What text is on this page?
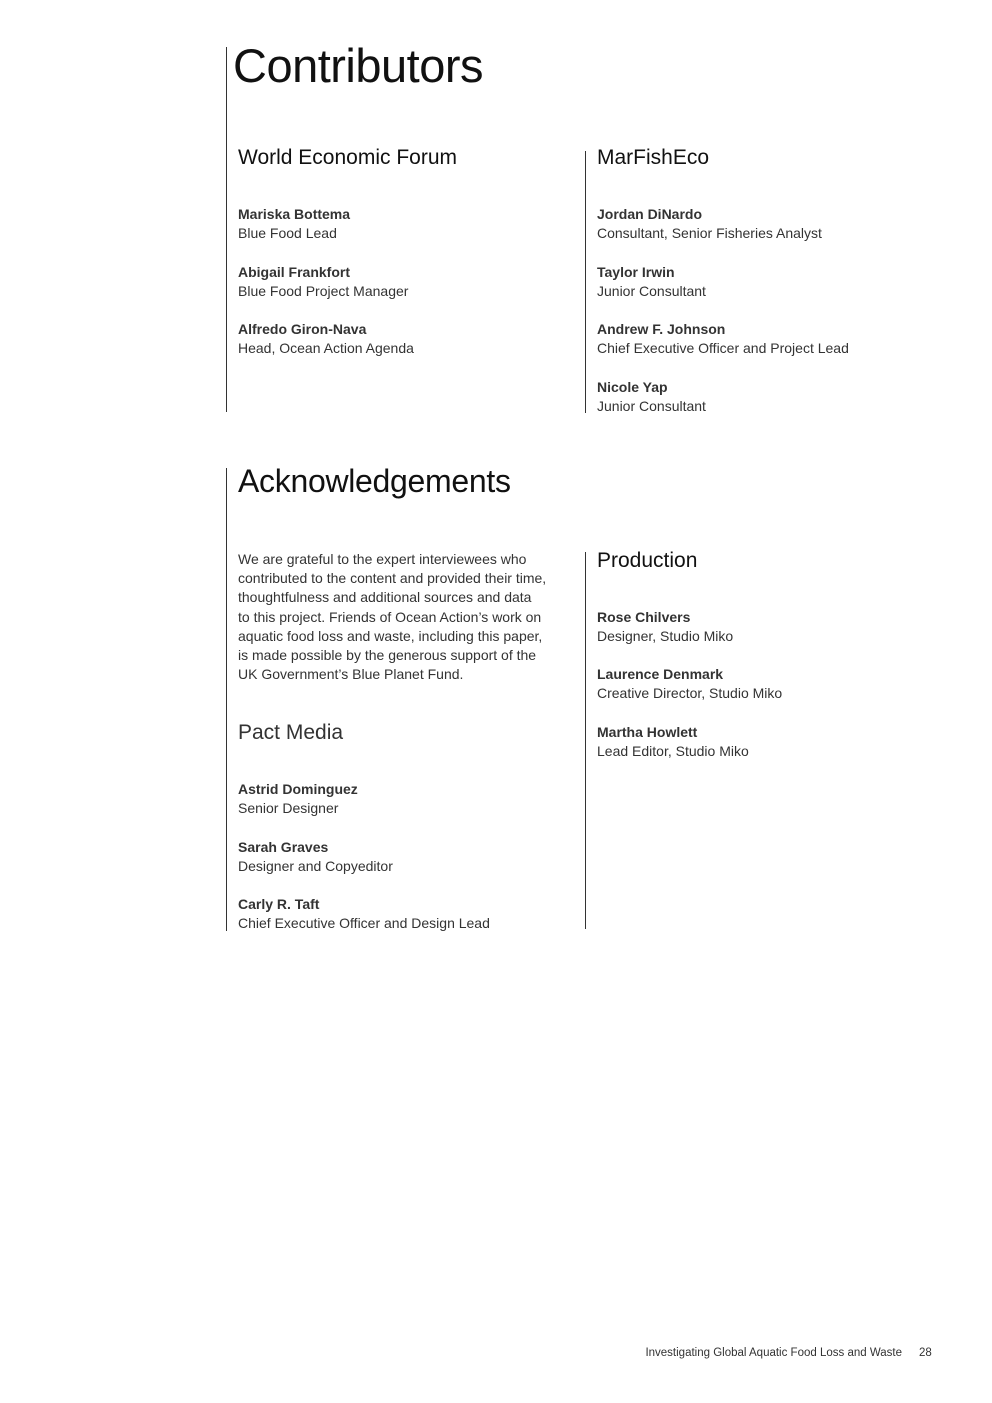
Contributors
World Economic Forum
Mariska Bottema
Blue Food Lead
Abigail Frankfort
Blue Food Project Manager
Alfredo Giron-Nava
Head, Ocean Action Agenda
MarFishEco
Jordan DiNardo
Consultant, Senior Fisheries Analyst
Taylor Irwin
Junior Consultant
Andrew F. Johnson
Chief Executive Officer and Project Lead
Nicole Yap
Junior Consultant
Acknowledgements
We are grateful to the expert interviewees who
contributed to the content and provided their time,
thoughtfulness and additional sources and data
to this project. Friends of Ocean Action’s work on
aquatic food loss and waste, including this paper,
is made possible by the generous support of the
UK Government’s Blue Planet Fund.
Pact Media
Astrid Dominguez
Senior Designer
Sarah Graves
Designer and Copyeditor
Carly R. Taft
Chief Executive Officer and Design Lead
Production
Rose Chilvers
Designer, Studio Miko
Laurence Denmark
Creative Director, Studio Miko
Martha Howlett
Lead Editor, Studio Miko
Investigating Global Aquatic Food Loss and Waste 28
